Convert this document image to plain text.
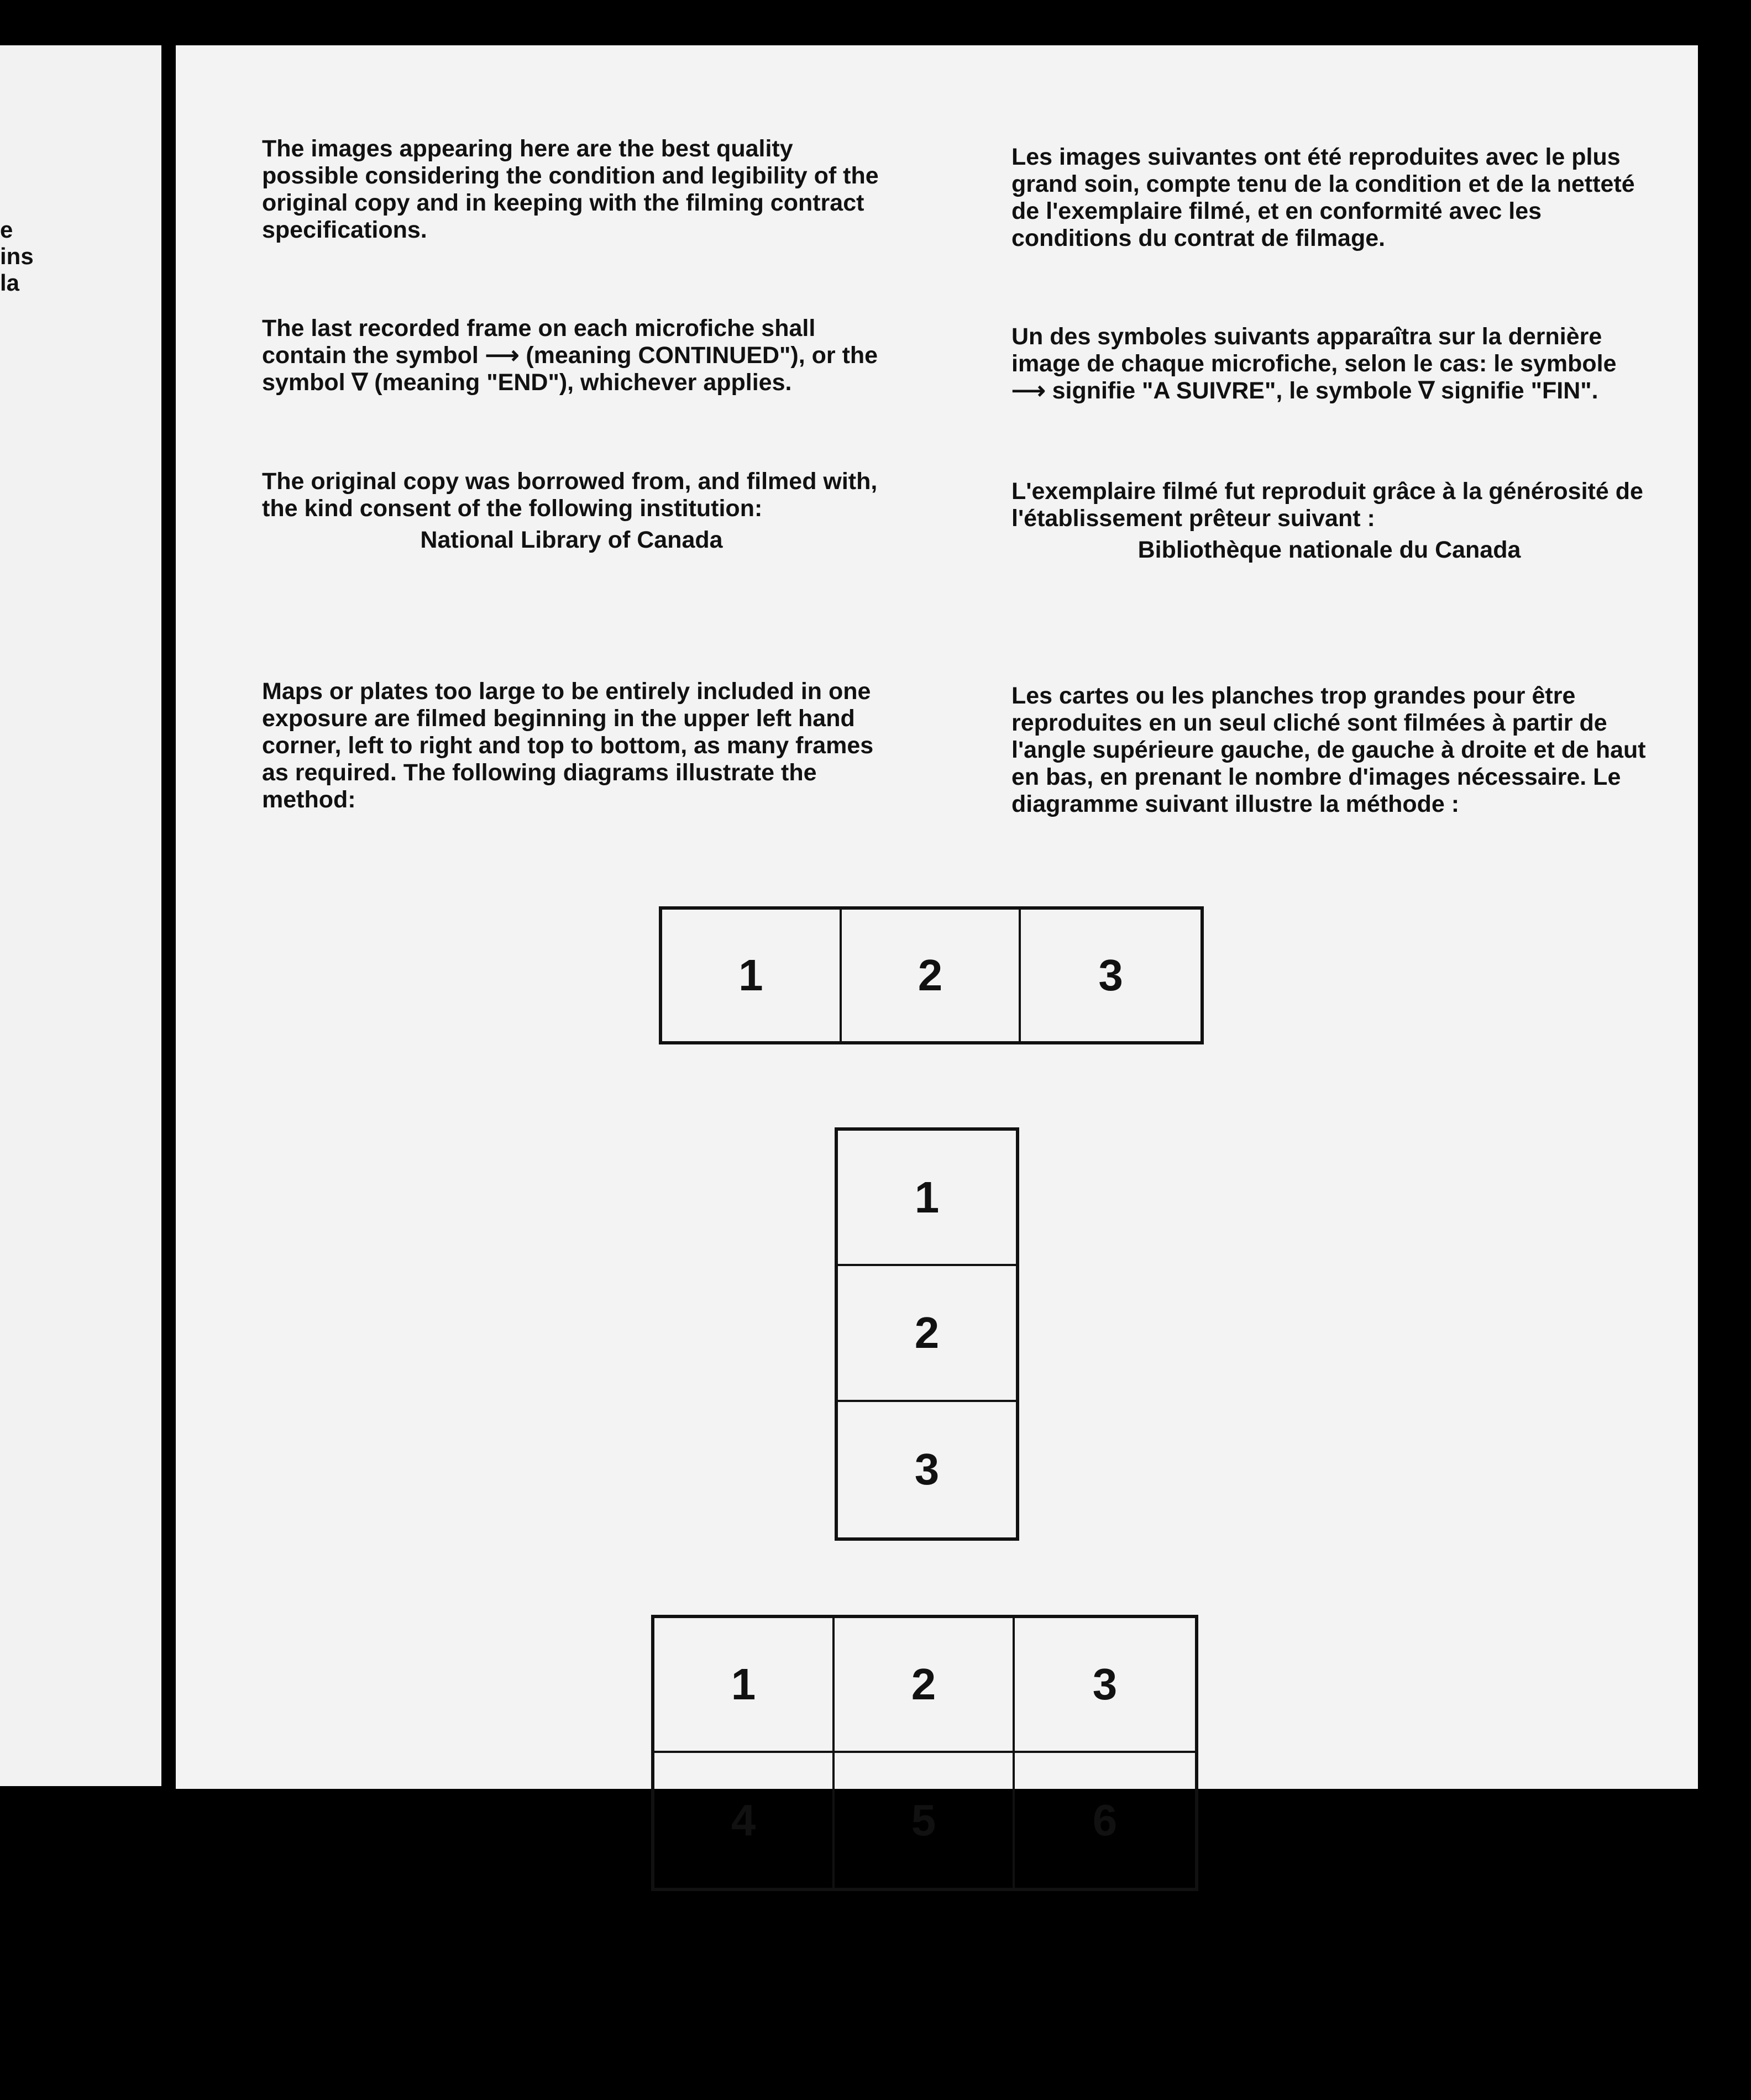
e
ins
la

The images appearing here are the best quality possible considering the condition and legibility of the original copy and in keeping with the filming contract specifications.

The last recorded frame on each microfiche shall contain the symbol ⟶ (meaning CONTINUED"), or the symbol ∇ (meaning "END"), whichever applies.

The original copy was borrowed from, and filmed with, the kind consent of the following institution:

National Library of Canada

Maps or plates too large to be entirely included in one exposure are filmed beginning in the upper left hand corner, left to right and top to bottom, as many frames as required. The following diagrams illustrate the method:

Les images suivantes ont été reproduites avec le plus grand soin, compte tenu de la condition et de la netteté de l'exemplaire filmé, et en conformité avec les conditions du contrat de filmage.

Un des symboles suivants apparaîtra sur la dernière image de chaque microfiche, selon le cas: le symbole ⟶ signifie "A SUIVRE", le symbole ∇ signifie "FIN".

L'exemplaire filmé fut reproduit grâce à la générosité de l'établissement prêteur suivant :

Bibliothèque nationale du Canada

Les cartes ou les planches trop grandes pour être reproduites en un seul cliché sont filmées à partir de l'angle supérieure gauche, de gauche à droite et de haut en bas, en prenant le nombre d'images nécessaire. Le diagramme suivant illustre la méthode :

1	2	3
1
2
3
1	2	3
4	5	6
